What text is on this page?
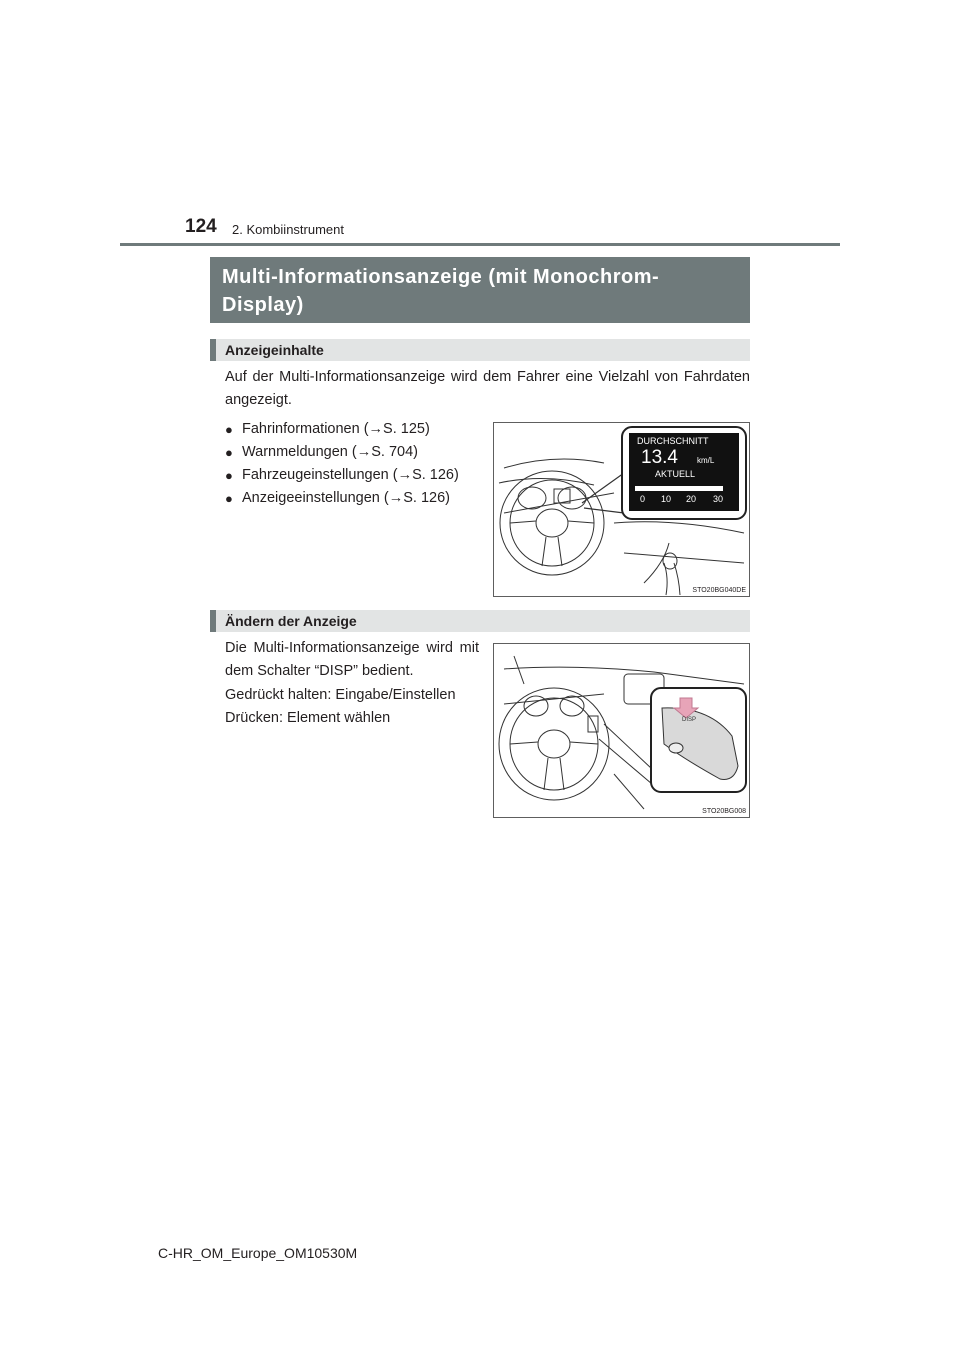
124 2. Kombiinstrument
Multi-Informationsanzeige (mit Monochrom-Display)
Anzeigeinhalte
Auf der Multi-Informationsanzeige wird dem Fahrer eine Vielzahl von Fahrdaten angezeigt.
● Fahrinformationen
(→S. 125)
● Warnmeldungen
(→S. 704)
● Fahrzeugeinstellungen
(→S. 126)
● Anzeigeeinstellungen
(→S. 126)
DURCHSCHNITT
13.4 km/L
AKTUELL
0 10 20 30
STO20BG040DE
Ändern der Anzeige
Die Multi-Informationsanzeige wird mit dem Schalter “DISP” bedient.
Gedrückt halten: Eingabe/Einstellen
Drücken: Element wählen	DISP
STO20BG008
C-HR_OM_Europe_OM10530M
